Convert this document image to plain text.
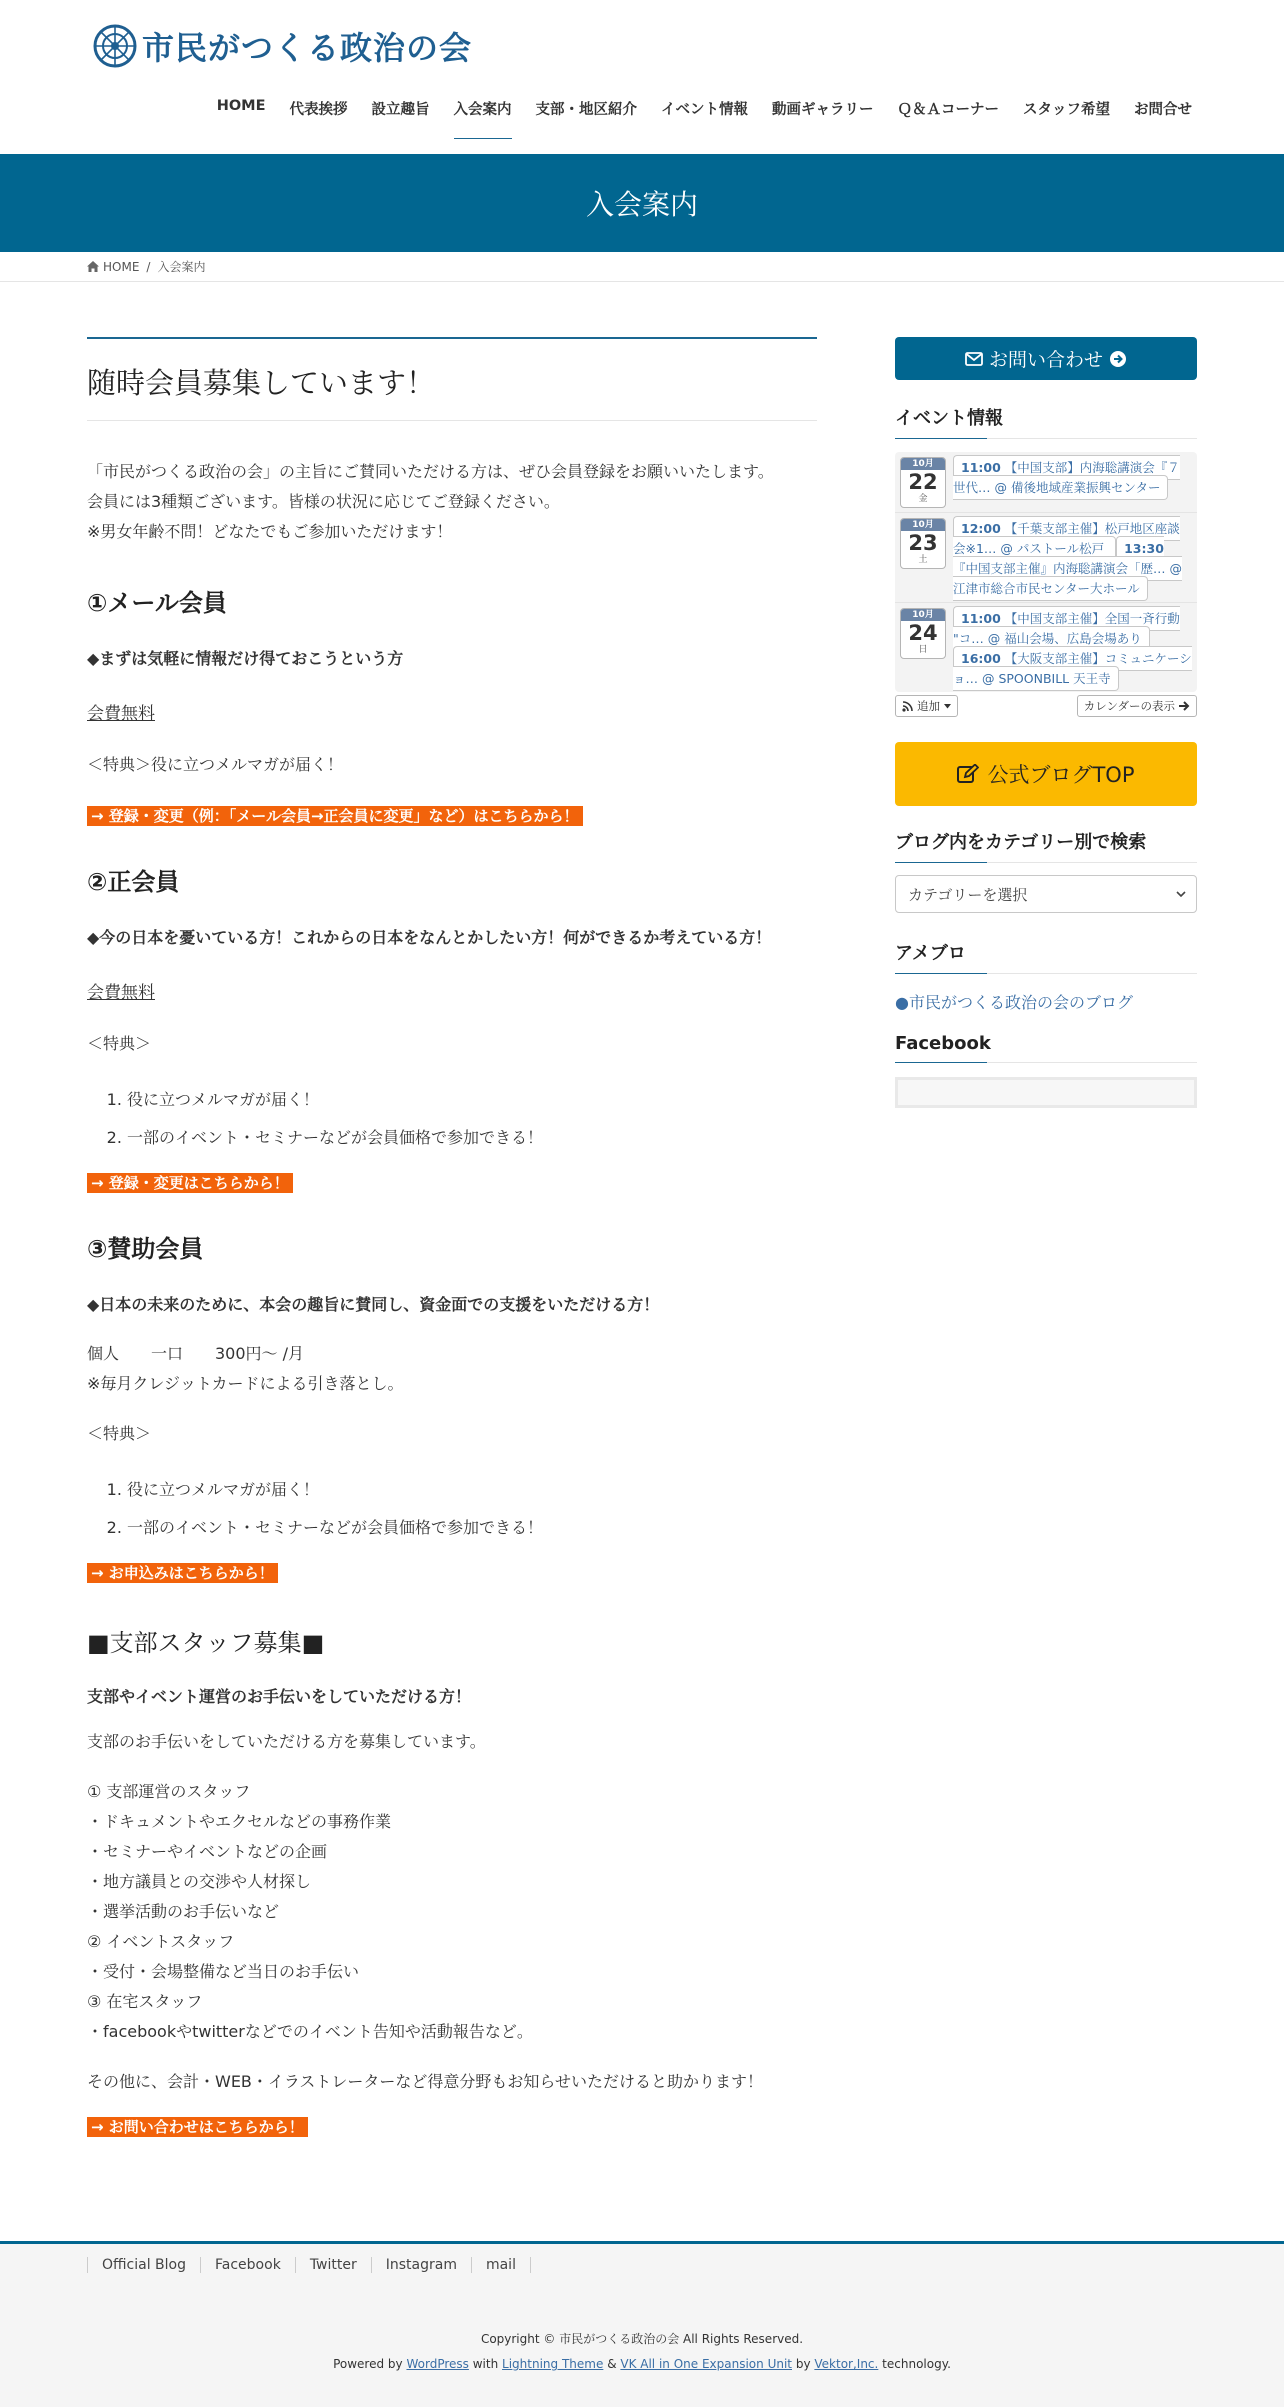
市民がつくる政治の会
HOME	代表挨拶	設立趣旨	入会案内	支部・地区紹介	イベント情報	動画ギャラリー	Ｑ＆Ａコーナー	スタッフ希望	お問合せ
入会案内
HOME / 入会案内
随時会員募集しています！
「市民がつくる政治の会」の主旨にご賛同いただける方は、ぜひ会員登録をお願いいたします。
会員には3種類ございます。皆様の状況に応じてご登録ください。
※男女年齢不問！どなたでもご参加いただけます！
①メール会員
◆まずは気軽に情報だけ得ておこうという方
会費無料
＜特典＞役に立つメルマガが届く！
→ 登録・変更（例：「メール会員→正会員に変更」など）はこちらから！
②正会員
◆今の日本を憂いている方！これからの日本をなんとかしたい方！何ができるか考えている方！
会費無料
＜特典＞
1. 役に立つメルマガが届く！
2. 一部のイベント・セミナーなどが会員価格で参加できる！
→ 登録・変更はこちらから！
③賛助会員
◆日本の未来のために、本会の趣旨に賛同し、資金面での支援をいただける方！
個人　　一口　　300円〜 /月
※毎月クレジットカードによる引き落とし。
＜特典＞
1. 役に立つメルマガが届く！
2. 一部のイベント・セミナーなどが会員価格で参加できる！
→ お申込みはこちらから！
■支部スタッフ募集■
支部やイベント運営のお手伝いをしていただける方！
支部のお手伝いをしていただける方を募集しています。
① 支部運営のスタッフ
・ドキュメントやエクセルなどの事務作業
・セミナーやイベントなどの企画
・地方議員との交渉や人材探し
・選挙活動のお手伝いなど
② イベントスタッフ
・受付・会場整備など当日のお手伝い
③ 在宅スタッフ
・facebookやtwitterなどでのイベント告知や活動報告など。
その他に、会計・WEB・イラストレーターなど得意分野もお知らせいただけると助かります！
→ お問い合わせはこちらから！
お問い合わせ
イベント情報
10月
22
金
11:00 【中国支部】内海聡講演会『７世代… @ 備後地域産業振興センター
10月
23
土
12:00 【千葉支部主催】松戸地区座談会※1… @ パストール松戸 13:30 『中国支部主催』内海聡講演会「歴… @ 江津市総合市民センター大ホール
10月
24
日
11:00 【中国支部主催】全国一斉行動 "コ… @ 福山会場、広島会場あり 16:00 【大阪支部主催】コミュニケーショ… @ SPOONBILL 天王寺
追加	カレンダーの表示
公式ブログTOP
ブログ内をカテゴリー別で検索
カテゴリーを選択
アメブロ
●市民がつくる政治の会のブログ
Facebook
Official Blog	Facebook	Twitter	Instagram	mail
Copyright © 市民がつくる政治の会 All Rights Reserved.
Powered by WordPress with Lightning Theme & VK All in One Expansion Unit by Vektor,Inc. technology.
